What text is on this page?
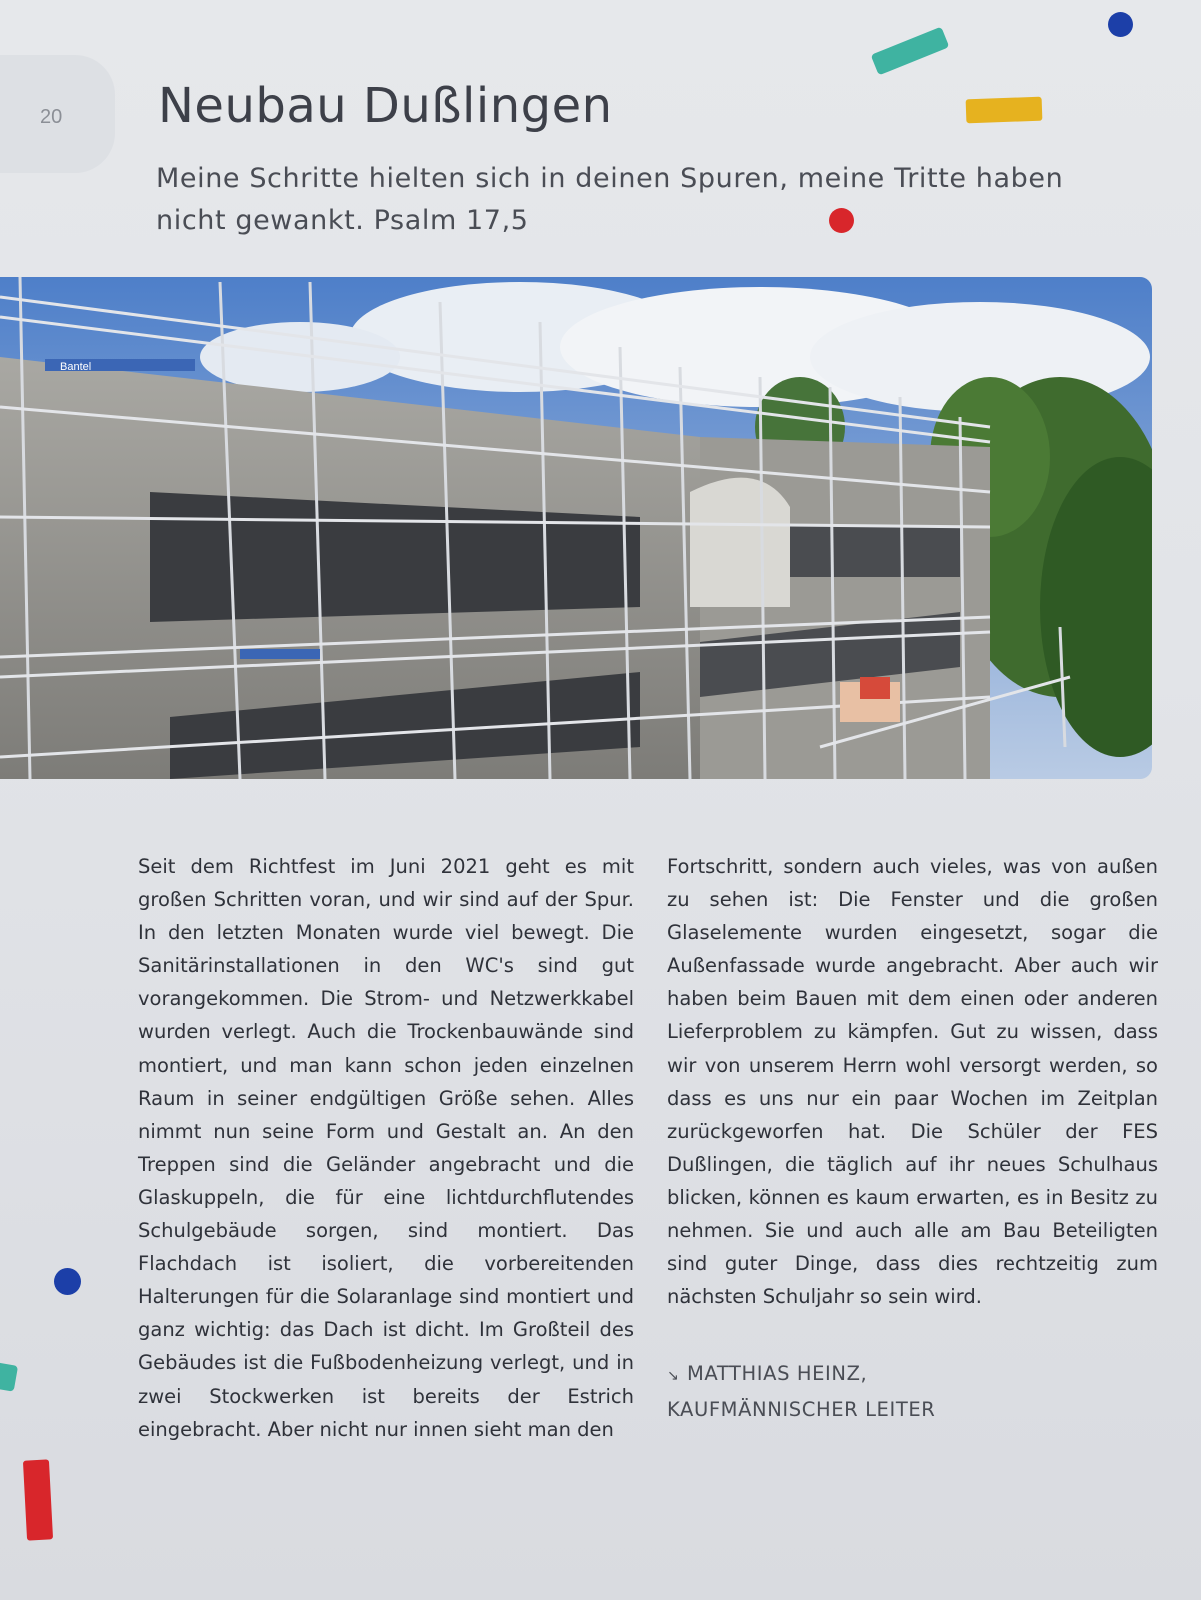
20 Neubau Dußlingen

Meine Schritte hielten sich in deinen Spuren, meine Tritte haben nicht gewankt. Psalm 17,5

Bantel

Seit dem Richtfest im Juni 2021 geht es mit großen Schritten voran, und wir sind auf der Spur. In den letzten Monaten wurde viel bewegt. Die Sanitärinstallationen in den WC's sind gut vorangekommen. Die Strom- und Netzwerkkabel wurden verlegt. Auch die Trockenbauwände sind montiert, und man kann schon jeden einzelnen Raum in seiner endgültigen Größe sehen. Alles nimmt nun seine Form und Gestalt an. An den Treppen sind die Geländer angebracht und die Glaskuppeln, die für eine lichtdurchflutendes Schulgebäude sorgen, sind montiert. Das Flachdach ist isoliert, die vorbereitenden Halterungen für die Solaranlage sind montiert und ganz wichtig: das Dach ist dicht. Im Großteil des Gebäudes ist die Fußbodenheizung verlegt, und in zwei Stockwerken ist bereits der Estrich eingebracht. Aber nicht nur innen sieht man den

Fortschritt, sondern auch vieles, was von außen zu sehen ist: Die Fenster und die großen Glaselemente wurden eingesetzt, sogar die Außenfassade wurde angebracht. Aber auch wir haben beim Bauen mit dem einen oder anderen Lieferproblem zu kämpfen. Gut zu wissen, dass wir von unserem Herrn wohl versorgt werden, so dass es uns nur ein paar Wochen im Zeitplan zurückgeworfen hat. Die Schüler der FES Dußlingen, die täglich auf ihr neues Schulhaus blicken, können es kaum erwarten, es in Besitz zu nehmen. Sie und auch alle am Bau Beteiligten sind guter Dinge, dass dies rechtzeitig zum nächsten Schuljahr so sein wird.

↘ MATTHIAS HEINZ,
KAUFMÄNNISCHER LEITER
